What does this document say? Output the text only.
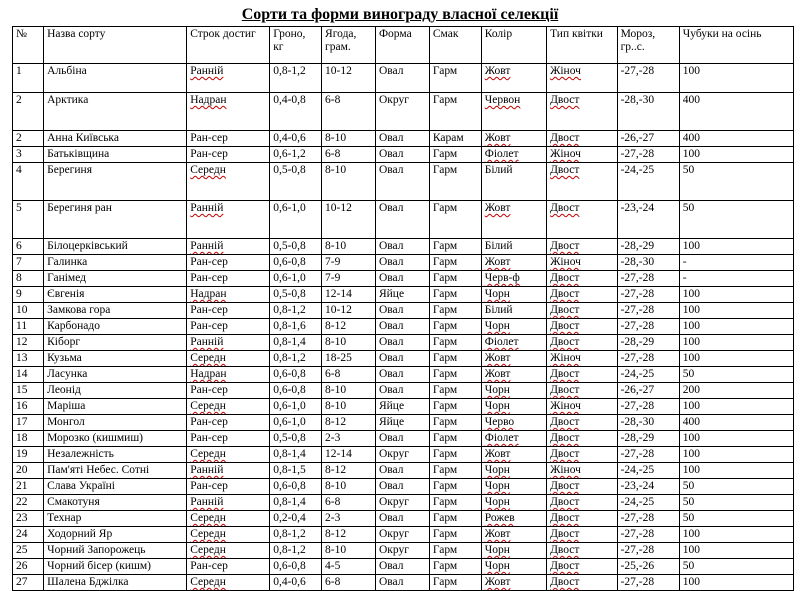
Сорти та форми винограду власної селекції
№	Назва сорту	Строк достиг	Гроно, кг	Ягода, грам.	Форма	Смак	Колір	Тип квітки	Мороз, гр..с.	Чубуки на осінь
1	Альбіна	Ранній	0,8-1,2	10-12	Овал	Гарм	Жовт	Жіноч	-27,-28	100
2	Арктика	Надран	0,4-0,8	6-8	Округ	Гарм	Червон	Двост	-28,-30	400
2	Анна Київська	Ран-сер	0,4-0,6	8-10	Овал	Карам	Жовт	Двост	-26,-27	400
3	Батьківщина	Ран-сер	0,6-1,2	6-8	Овал	Гарм	Фіолет	Жіноч	-27,-28	100
4	Берегиня	Середн	0,5-0,8	8-10	Овал	Гарм	Білий	Двост	-24,-25	50
5	Берегиня ран	Ранній	0,6-1,0	10-12	Овал	Гарм	Жовт	Двост	-23,-24	50
6	Білоцерківський	Ранній	0,5-0,8	8-10	Овал	Гарм	Білий	Двост	-28,-29	100
7	Галинка	Ран-сер	0,6-0,8	7-9	Овал	Гарм	Жовт	Жіноч	-28,-30	-
8	Ганімед	Ран-сер	0,6-1,0	7-9	Овал	Гарм	Черв-ф	Двост	-27,-28	-
9	Євгенія	Надран	0,5-0,8	12-14	Яйце	Гарм	Чорн	Двост	-27,-28	100
10	Замкова гора	Ран-сер	0,8-1,2	10-12	Овал	Гарм	Білий	Двост	-27,-28	100
11	Карбонадо	Ран-сер	0,8-1,6	8-12	Овал	Гарм	Чорн	Двост	-27,-28	100
12	Кіборг	Ранній	0,8-1,4	8-10	Овал	Гарм	Фіолет	Двост	-28,-29	100
13	Кузьма	Середн	0,8-1,2	18-25	Овал	Гарм	Жовт	Жіноч	-27,-28	100
14	Ласунка	Надран	0,6-0,8	6-8	Овал	Гарм	Жовт	Двост	-24,-25	50
15	Леонід	Ран-сер	0,6-0,8	8-10	Овал	Гарм	Чорн	Двост	-26,-27	200
16	Маріша	Середн	0,6-1,0	8-10	Яйце	Гарм	Чорн	Жіноч	-27,-28	100
17	Монгол	Ран-сер	0,6-1,0	8-12	Яйце	Гарм	Черво	Двост	-28,-30	400
18	Морозко (кишмиш)	Ран-сер	0,5-0,8	2-3	Овал	Гарм	Фіолет	Двост	-28,-29	100
19	Незалежність	Середн	0,8-1,4	12-14	Округ	Гарм	Жовт	Двост	-27,-28	100
20	Пам'яті Небес. Сотні	Ранній	0,8-1,5	8-12	Овал	Гарм	Чорн	Жіноч	-24,-25	100
21	Слава Україні	Ран-сер	0,6-0,8	8-10	Овал	Гарм	Чорн	Двост	-23,-24	50
22	Смакотуня	Ранній	0,8-1,4	6-8	Округ	Гарм	Чорн	Двост	-24,-25	50
23	Технар	Середн	0,2-0,4	2-3	Овал	Гарм	Рожев	Двост	-27,-28	50
24	Ходорний Яр	Середн	0,8-1,2	8-12	Округ	Гарм	Жовт	Двост	-27,-28	100
25	Чорний Запорожець	Середн	0,8-1,2	8-10	Округ	Гарм	Чорн	Двост	-27,-28	100
26	Чорний бісер (кишм)	Ран-сер	0,6-0,8	4-5	Овал	Гарм	Чорн	Двост	-25,-26	50
27	Шалена Бджілка	Середн	0,4-0,6	6-8	Овал	Гарм	Жовт	Двост	-27,-28	100
